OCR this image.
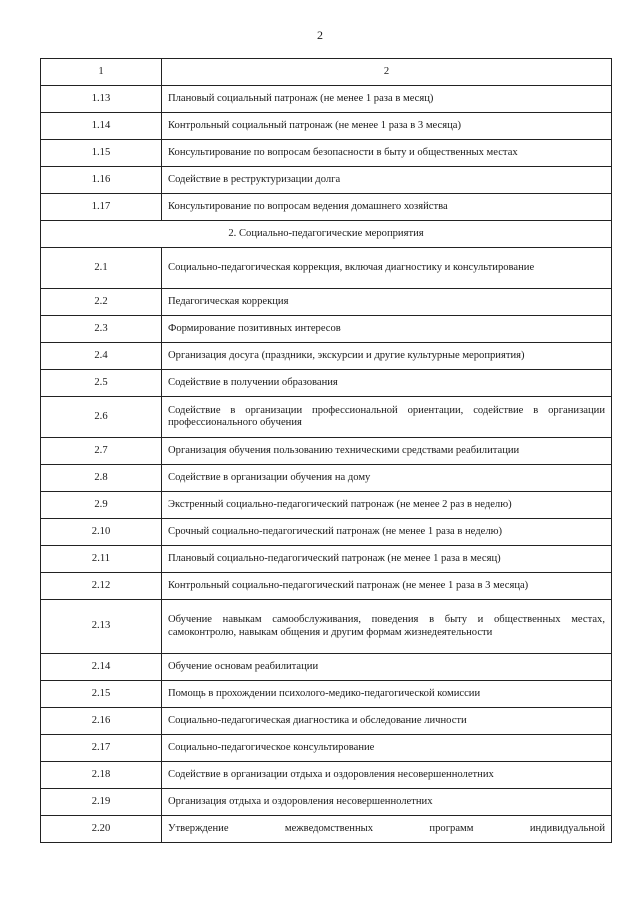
2
1	2
1.13	Плановый социальный патронаж (не менее 1 раза в месяц)
1.14	Контрольный социальный патронаж (не менее 1 раза в 3 месяца)
1.15	Консультирование по вопросам безопасности в быту и общественных местах
1.16	Содействие в реструктуризации долга
1.17	Консультирование по вопросам ведения домашнего хозяйства
2. Социально-педагогические мероприятия	
2.1	Социально-педагогическая коррекция, включая диагностику и консультирование
2.2	Педагогическая коррекция
2.3	Формирование позитивных интересов
2.4	Организация досуга (праздники, экскурсии и другие культурные мероприятия)
2.5	Содействие в получении образования
2.6	Содействие в организации профессиональной ориентации, содействие в организации профессионального обучения
2.7	Организация обучения пользованию техническими средствами реабилитации
2.8	Содействие в организации обучения на дому
2.9	Экстренный социально-педагогический патронаж (не менее 2 раз в неделю)
2.10	Срочный социально-педагогический патронаж (не менее 1 раза в неделю)
2.11	Плановый социально-педагогический патронаж (не менее 1 раза в месяц)
2.12	Контрольный социально-педагогический патронаж (не менее 1 раза в 3 месяца)
2.13	Обучение навыкам самообслуживания, поведения в быту и общественных местах, самоконтролю, навыкам общения и другим формам жизнедеятельности
2.14	Обучение основам реабилитации
2.15	Помощь в прохождении психолого-медико-педагогической комиссии
2.16	Социально-педагогическая диагностика и обследование личности
2.17	Социально-педагогическое консультирование
2.18	Содействие в организации отдыха и оздоровления несовершеннолетних
2.19	Организация отдыха и оздоровления несовершеннолетних
2.20	Утверждение межведомственных программ индивидуальной
